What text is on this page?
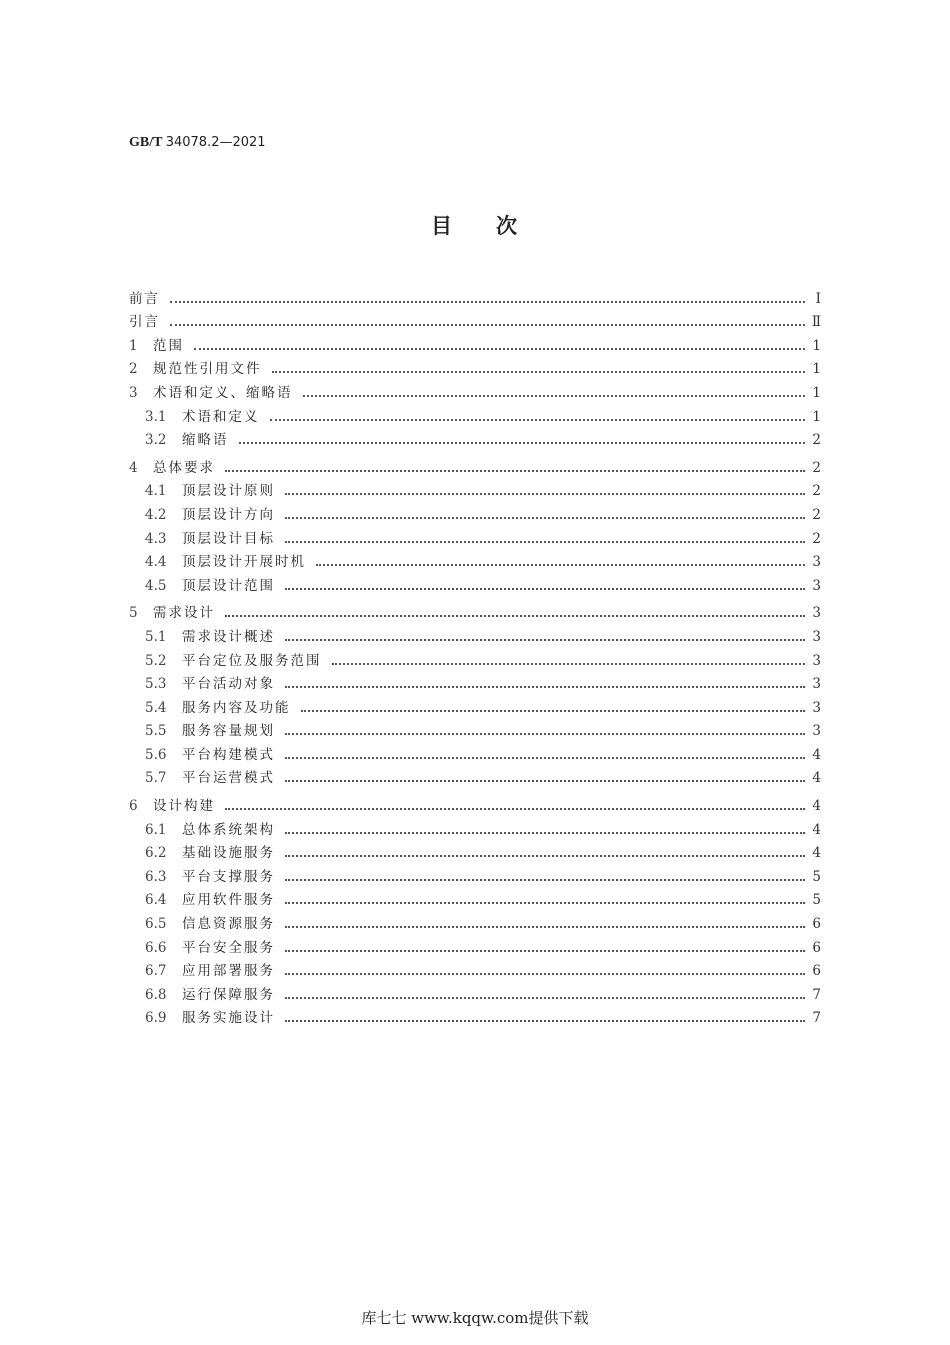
GB/T 34078.2—2021
目 次
前言	Ⅰ
引言	Ⅱ
1	范围	1
2	规范性引用文件	1
3	术语和定义、缩略语	1
3.1	术语和定义	1
3.2	缩略语	2
4	总体要求	2
4.1	顶层设计原则	2
4.2	顶层设计方向	2
4.3	顶层设计目标	2
4.4	顶层设计开展时机	3
4.5	顶层设计范围	3
5	需求设计	3
5.1	需求设计概述	3
5.2	平台定位及服务范围	3
5.3	平台活动对象	3
5.4	服务内容及功能	3
5.5	服务容量规划	3
5.6	平台构建模式	4
5.7	平台运营模式	4
6	设计构建	4
6.1	总体系统架构	4
6.2	基础设施服务	4
6.3	平台支撑服务	5
6.4	应用软件服务	5
6.5	信息资源服务	6
6.6	平台安全服务	6
6.7	应用部署服务	6
6.8	运行保障服务	7
6.9	服务实施设计	7
库七七 www.kqqw.com提供下载
